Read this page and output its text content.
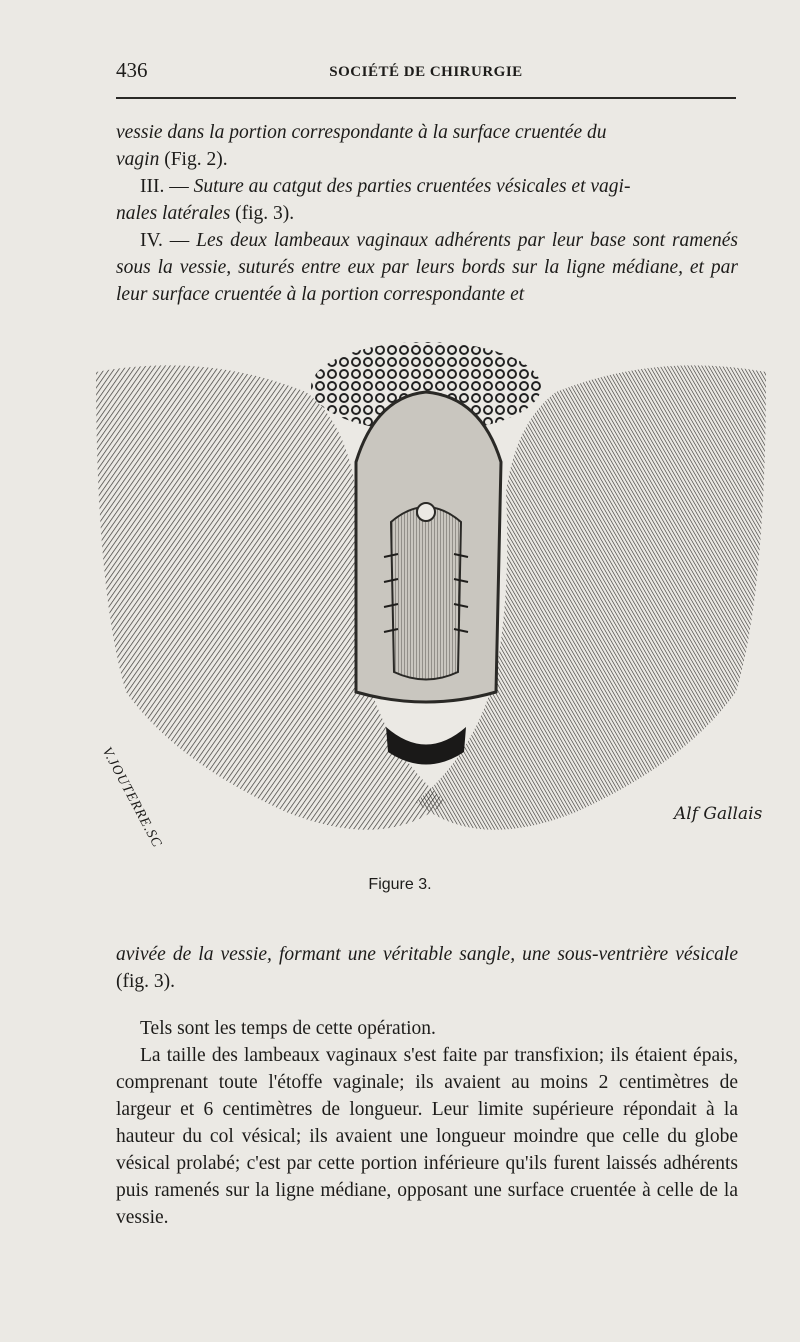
436	SOCIÉTÉ DE CHIRURGIE

vessie dans la portion correspondante à la surface cruentée du
vagin (Fig. 2).

III. — Suture au catgut des parties cruentées vésicales et vagi-
nales latérales (fig. 3).

IV. — Les deux lambeaux vaginaux adhérents par leur base sont ramenés sous la vessie, suturés entre eux par leurs bords sur la ligne médiane, et par leur surface cruentée à la portion correspondante et

V.JOUTERRE.SC	Alf Gallais
Figure 3.

avivée de la vessie, formant une véritable sangle, une sous-ventrière vésicale (fig. 3).

Tels sont les temps de cette opération.

La taille des lambeaux vaginaux s'est faite par transfixion; ils étaient épais, comprenant toute l'étoffe vaginale; ils avaient au moins 2 centimètres de largeur et 6 centimètres de longueur. Leur limite supérieure répondait à la hauteur du col vésical; ils avaient une longueur moindre que celle du globe vésical prolabé; c'est par cette portion inférieure qu'ils furent laissés adhérents puis ramenés sur la ligne médiane, opposant une surface cruentée à celle de la vessie.
